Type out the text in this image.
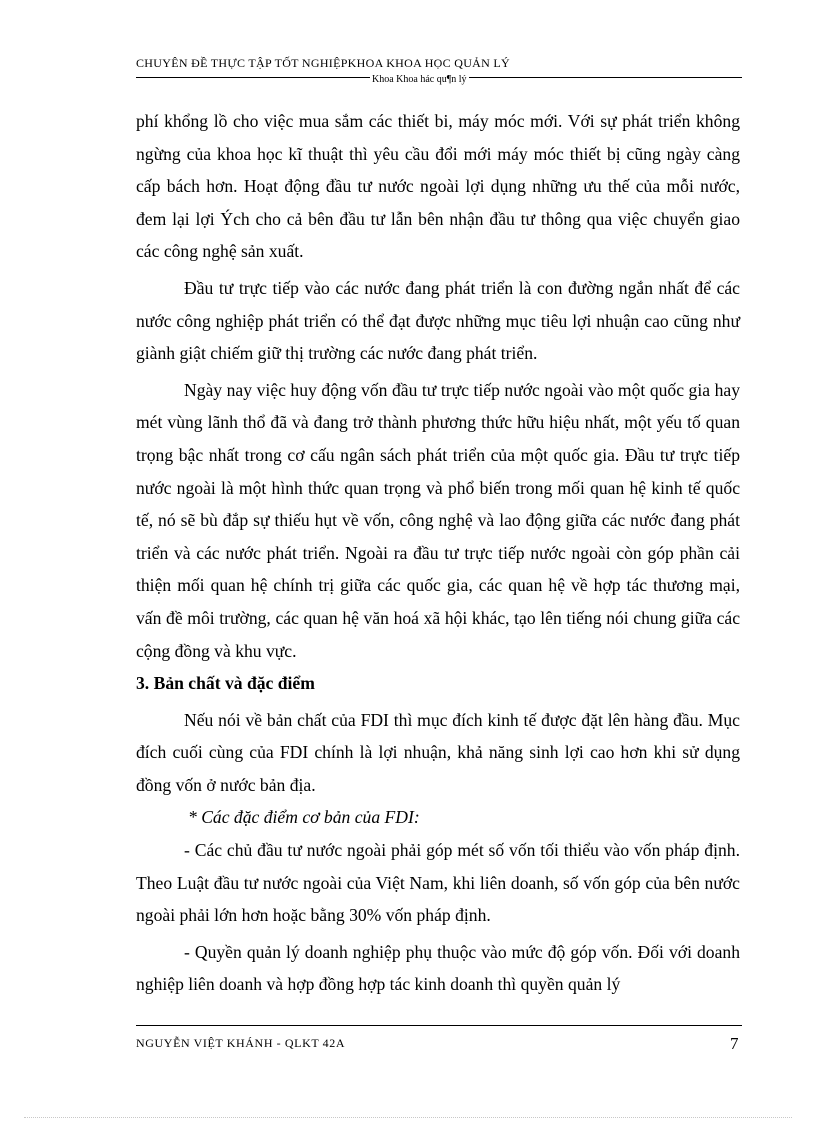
CHUYÊN ĐỀ THỰC TẬP TỐT NGHIỆPKHOA KHOA HỌC QUẢN LÝ
Khoa Khoa hác qu¶n lý

phí khổng lồ cho việc mua sắm các thiết bi, máy móc mới. Với sự phát triển không ngừng của khoa học kĩ thuật thì yêu cầu đổi mới máy móc thiết bị cũng ngày càng cấp bách hơn. Hoạt động đầu tư nước ngoài lợi dụng những ưu thế của mỗi nước, đem lại lợi Ých cho cả bên đầu tư lẫn bên nhận đầu tư thông qua việc chuyển giao các công nghệ sản xuất.

Đầu tư trực tiếp vào các nước đang phát triển là con đường ngắn nhất để các nước công nghiệp phát triển có thể đạt được những mục tiêu lợi nhuận cao cũng như giành giật chiếm giữ thị trường các nước đang phát triển.

Ngày nay việc huy động vốn đầu tư trực tiếp nước ngoài vào một quốc gia hay mét vùng lãnh thổ đã và đang trở thành phương thức hữu hiệu nhất, một yếu tố quan trọng bậc nhất trong cơ cấu ngân sách phát triển của một quốc gia. Đầu tư trực tiếp nước ngoài là một hình thức quan trọng và phổ biến trong mối quan hệ kinh tế quốc tế, nó sẽ bù đắp sự thiếu hụt về vốn, công nghệ và lao động giữa các nước đang phát triển và các nước phát triển. Ngoài ra đầu tư trực tiếp nước ngoài còn góp phần cải thiện mối quan hệ chính trị giữa các quốc gia, các quan hệ về hợp tác thương mại, vấn đề môi trường, các quan hệ văn hoá xã hội khác, tạo lên tiếng nói chung giữa các cộng đồng và khu vực.

3. Bản chất và đặc điểm

Nếu nói về bản chất của FDI thì mục đích kinh tế được đặt lên hàng đầu. Mục đích cuối cùng của FDI chính là lợi nhuận, khả năng sinh lợi cao hơn khi sử dụng đồng vốn ở nước bản địa.

* Các đặc điểm cơ bản của FDI:

- Các chủ đầu tư nước ngoài phải góp mét số vốn tối thiểu vào vốn pháp định. Theo Luật đầu tư nước ngoài của Việt Nam, khi liên doanh, số vốn góp của bên nước ngoài phải lớn hơn hoặc bằng 30% vốn pháp định.

- Quyền quản lý doanh nghiệp phụ thuộc vào mức độ góp vốn. Đối với doanh nghiệp liên doanh và hợp đồng hợp tác kinh doanh thì quyền quản lý

NGUYỄN VIỆT KHÁNH - QLKT 42A	7
